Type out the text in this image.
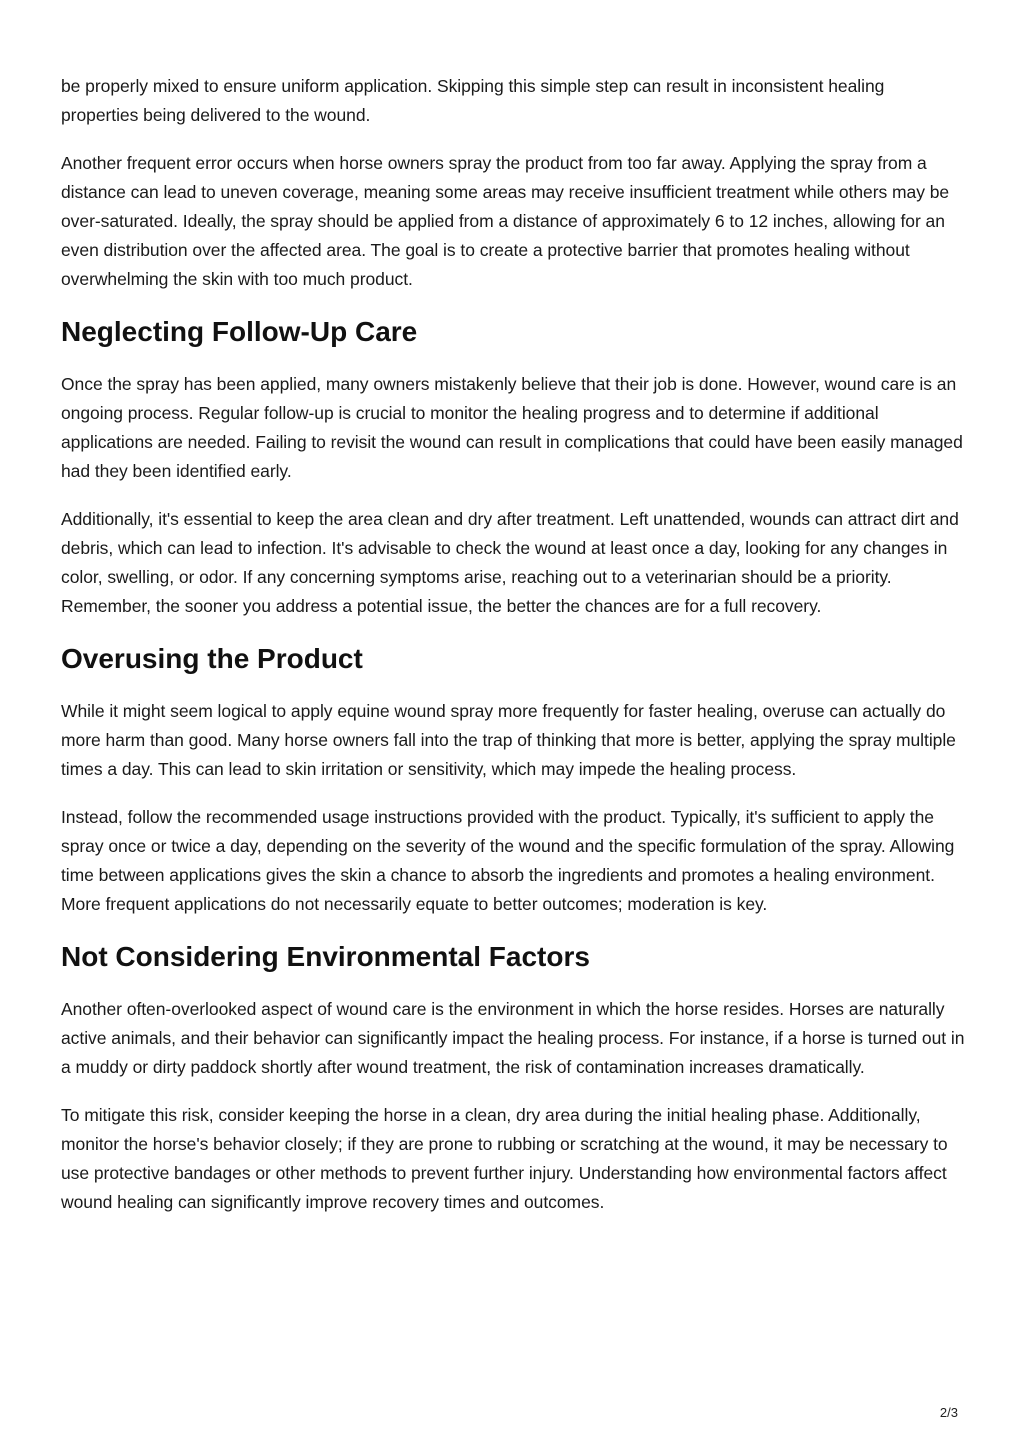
be properly mixed to ensure uniform application. Skipping this simple step can result in inconsistent healing properties being delivered to the wound.

Another frequent error occurs when horse owners spray the product from too far away. Applying the spray from a distance can lead to uneven coverage, meaning some areas may receive insufficient treatment while others may be over-saturated. Ideally, the spray should be applied from a distance of approximately 6 to 12 inches, allowing for an even distribution over the affected area. The goal is to create a protective barrier that promotes healing without overwhelming the skin with too much product.

Neglecting Follow-Up Care

Once the spray has been applied, many owners mistakenly believe that their job is done. However, wound care is an ongoing process. Regular follow-up is crucial to monitor the healing progress and to determine if additional applications are needed. Failing to revisit the wound can result in complications that could have been easily managed had they been identified early.

Additionally, it's essential to keep the area clean and dry after treatment. Left unattended, wounds can attract dirt and debris, which can lead to infection. It's advisable to check the wound at least once a day, looking for any changes in color, swelling, or odor. If any concerning symptoms arise, reaching out to a veterinarian should be a priority. Remember, the sooner you address a potential issue, the better the chances are for a full recovery.

Overusing the Product

While it might seem logical to apply equine wound spray more frequently for faster healing, overuse can actually do more harm than good. Many horse owners fall into the trap of thinking that more is better, applying the spray multiple times a day. This can lead to skin irritation or sensitivity, which may impede the healing process.

Instead, follow the recommended usage instructions provided with the product. Typically, it's sufficient to apply the spray once or twice a day, depending on the severity of the wound and the specific formulation of the spray. Allowing time between applications gives the skin a chance to absorb the ingredients and promotes a healing environment. More frequent applications do not necessarily equate to better outcomes; moderation is key.

Not Considering Environmental Factors

Another often-overlooked aspect of wound care is the environment in which the horse resides. Horses are naturally active animals, and their behavior can significantly impact the healing process. For instance, if a horse is turned out in a muddy or dirty paddock shortly after wound treatment, the risk of contamination increases dramatically.

To mitigate this risk, consider keeping the horse in a clean, dry area during the initial healing phase. Additionally, monitor the horse's behavior closely; if they are prone to rubbing or scratching at the wound, it may be necessary to use protective bandages or other methods to prevent further injury. Understanding how environmental factors affect wound healing can significantly improve recovery times and outcomes.

2/3
